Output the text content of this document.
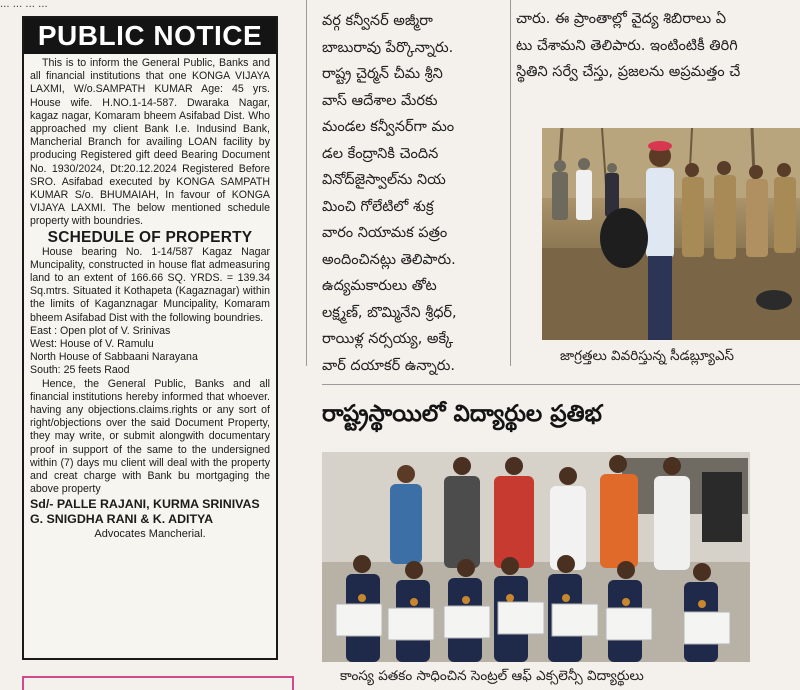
... ... ... ...
PUBLIC NOTICE

This is to inform the General Public, Banks and all financial institutions that one KONGA VIJAYA LAXMI, W/o.SAMPATH KUMAR Age: 45 yrs. House wife. H.NO.1-14-587. Dwaraka Nagar, kagaz nagar, Komaram bheem Asifabad Dist. Who approached my client Bank I.e. Indusind Bank, Mancherial Branch for availing LOAN facility by producing Registered gift deed Bearing Document No. 1930/2024, Dt:20.12.2024 Registered Before SRO. Asifabad executed by KONGA SAMPATH KUMAR S/o. BHUMAIAH, In favour of KONGA VIJAYA LAXMI. The below mentioned schedule property with boundries.

SCHEDULE OF PROPERTY

House bearing No. 1-14/587 Kagaz Nagar Muncipality, constructed in house flat admeasuring land to an extent of 166.66 SQ. YRDS. = 139.34 Sq.mtrs. Situated it Kothapeta (Kagaznagar) within the limits of Kaganznagar Muncipality, Komaram bheem Asifabad Dist with the following boundries.

East : Open plot of V. Srinivas

West: House of V. Ramulu

North House of Sabbaani Narayana

South: 25 feets Raod

Hence, the General Public, Banks and all financial institutions hereby informed that whoever. having any objections.claims.rights or any sort of right/objections over the said Document Property, they may write, or submit alongwith documentary proof in support of the same to the undersigned within (7) days mu client will deal with the property and creat charge with Bank bu mortgaging the above property

Sd/- PALLE RAJANI, KURMA SRINIVAS

G. SNIGDHA RANI & K. ADITYA

Advocates Mancherial.

వర్గ కన్వీనర్ అజ్మీరా

బాబురావు పేర్కొన్నారు.

రాష్ట్ర చైర్మన్ చీమ శ్రీని

వాస్ ఆదేశాల మేరకు

మండల కన్వీనర్‌గా మం

డల కేంద్రానికి చెందిన

వినోద్‌జైస్వాల్‌ను నియ

మించి గోలేటిలో శుక్ర

వారం నియామక పత్రం

అందించినట్లు తెలిపారు.

ఉద్యమకారులు తోట

లక్ష్మణ్, బొమ్మినేని శ్రీధర్,

రాయిళ్ల నర్సయ్య, అక్కే

వార్ దయాకర్ ఉన్నారు.

చారు. ఈ ప్రాంతాల్లో వైద్య శిబిరాలు ఏ

టు చేశామని తెలిపారు. ఇంటింటికీ తిరిగి

స్థితిని సర్వే చేస్తు, ప్రజలను అప్రమత్తం చే

జాగ్రత్తలు వివరిస్తున్న సీడబ్ల్యూఎస్
రాష్ట్రస్థాయిలో విద్యార్థుల ప్రతిభ
కాంస్య పతకం సాధించిన సెంట్రల్ ఆఫ్ ఎక్సలెన్సీ విద్యార్థులు
